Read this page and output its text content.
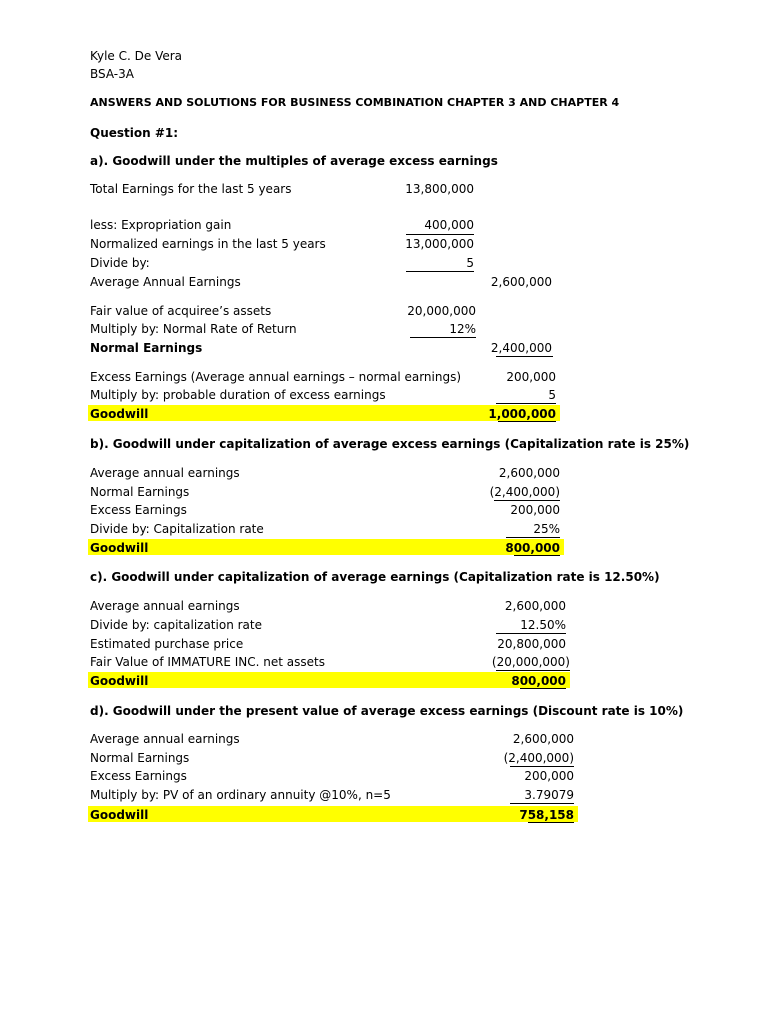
Kyle C. De Vera
BSA-3A
ANSWERS AND SOLUTIONS FOR BUSINESS COMBINATION CHAPTER 3 AND CHAPTER 4
Question #1:
a). Goodwill under the multiples of average excess earnings
Total Earnings for the last 5 years	13,800,000
less: Expropriation gain	400,000
Normalized earnings in the last 5 years	13,000,000
Divide by:	5
Average Annual Earnings	2,600,000
Fair value of acquiree’s assets	20,000,000
Multiply by: Normal Rate of Return	12%
Normal Earnings	2,400,000
Excess Earnings (Average annual earnings – normal earnings)	200,000
Multiply by: probable duration of excess earnings	5
Goodwill	1,000,000
b). Goodwill under capitalization of average excess earnings (Capitalization rate is 25%)
Average annual earnings	2,600,000
Normal Earnings	(2,400,000)
Excess Earnings	200,000
Divide by: Capitalization rate	25%
Goodwill	800,000
c). Goodwill under capitalization of average earnings (Capitalization rate is 12.50%)
Average annual earnings	2,600,000
Divide by: capitalization rate	12.50%
Estimated purchase price	20,800,000
Fair Value of IMMATURE INC. net assets	(20,000,000)
Goodwill	800,000
d). Goodwill under the present value of average excess earnings (Discount rate is 10%)
Average annual earnings	2,600,000
Normal Earnings	(2,400,000)
Excess Earnings	200,000
Multiply by: PV of an ordinary annuity @10%, n=5	3.79079
Goodwill	758,158
